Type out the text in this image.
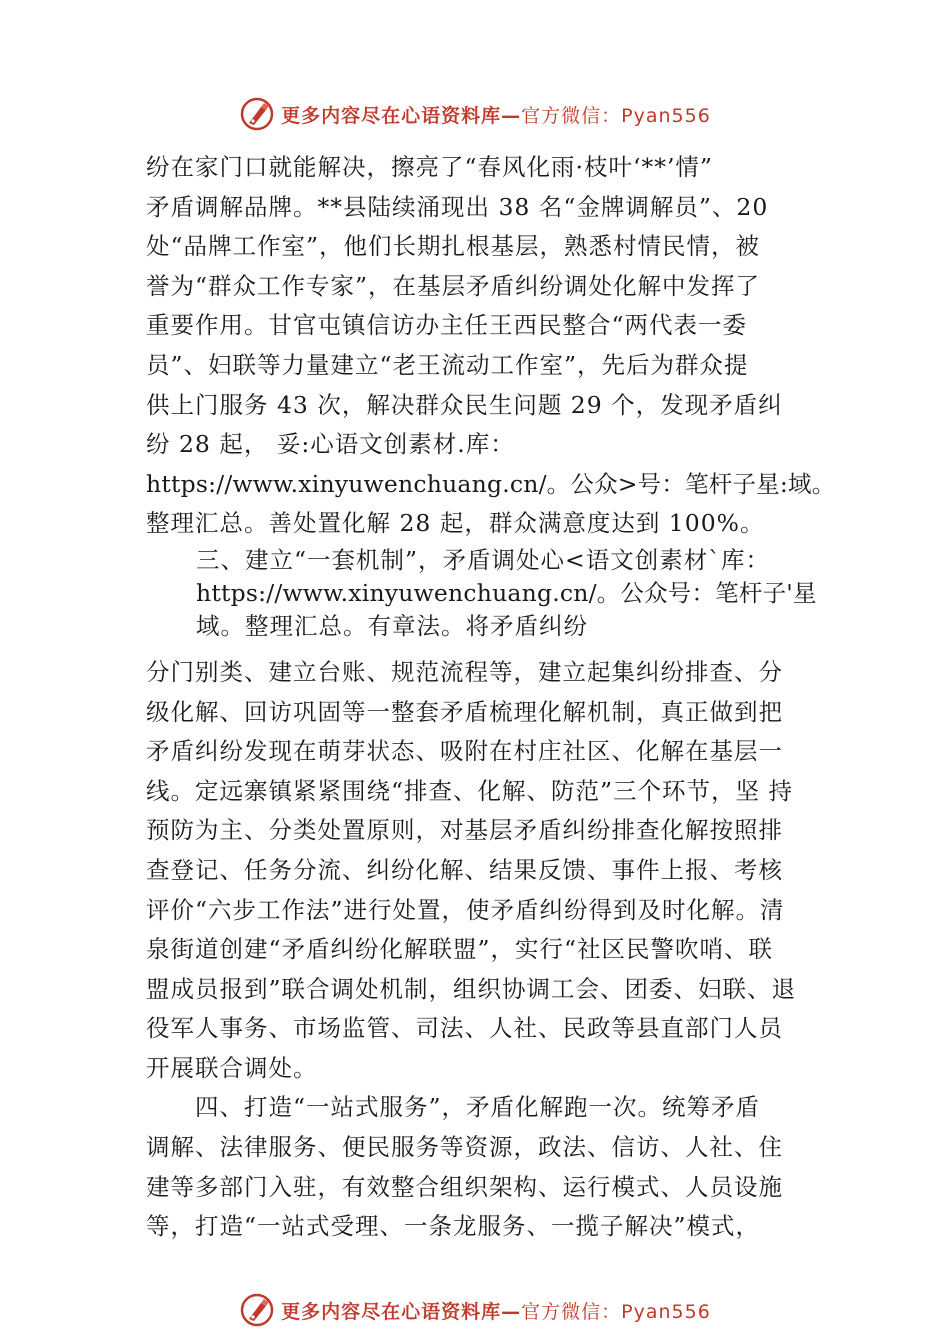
更多内容尽在心语资料库—官方微信：Pyan556
纷在家门口就能解决，擦亮了“春风化雨·枝叶‘**’情”
矛盾调解品牌。**县陆续涌现出 38 名“金牌调解员”、20
处“品牌工作室”，他们长期扎根基层，熟悉村情民情，被
誉为“群众工作专家”，在基层矛盾纠纷调处化解中发挥了
重要作用。甘官屯镇信访办主任王西民整合“两代表一委
员”、妇联等力量建立“老王流动工作室”，先后为群众提
供上门服务 43 次，解决群众民生问题 29 个，发现矛盾纠
纷 28 起， 妥:心语文创素材.库：
https://www.xinyuwenchuang.cn/。公众>号：笔杆子星:域。
整理汇总。善处置化解 28 起，群众满意度达到 100%。
三、建立“一套机制”，矛盾调处心<语文创素材`库：
https://www.xinyuwenchuang.cn/。公众号：笔杆子'星
域。整理汇总。有章法。将矛盾纠纷
分门别类、建立台账、规范流程等，建立起集纠纷排查、分
级化解、回访巩固等一整套矛盾梳理化解机制，真正做到把
矛盾纠纷发现在萌芽状态、吸附在村庄社区、化解在基层一
线。定远寨镇紧紧围绕“排查、化解、防范”三个环节，坚 持
预防为主、分类处置原则，对基层矛盾纠纷排查化解按照排
查登记、任务分流、纠纷化解、结果反馈、事件上报、考核
评价“六步工作法”进行处置，使矛盾纠纷得到及时化解。清
泉街道创建“矛盾纠纷化解联盟”，实行“社区民警吹哨、联
盟成员报到”联合调处机制，组织协调工会、团委、妇联、退
役军人事务、市场监管、司法、人社、民政等县直部门人员
开展联合调处。
　　四、打造“一站式服务”，矛盾化解跑一次。统筹矛盾
调解、法律服务、便民服务等资源，政法、信访、人社、住
建等多部门入驻，有效整合组织架构、运行模式、人员设施
等，打造“一站式受理、一条龙服务、一揽子解决”模式，
更多内容尽在心语资料库—官方微信：Pyan556
